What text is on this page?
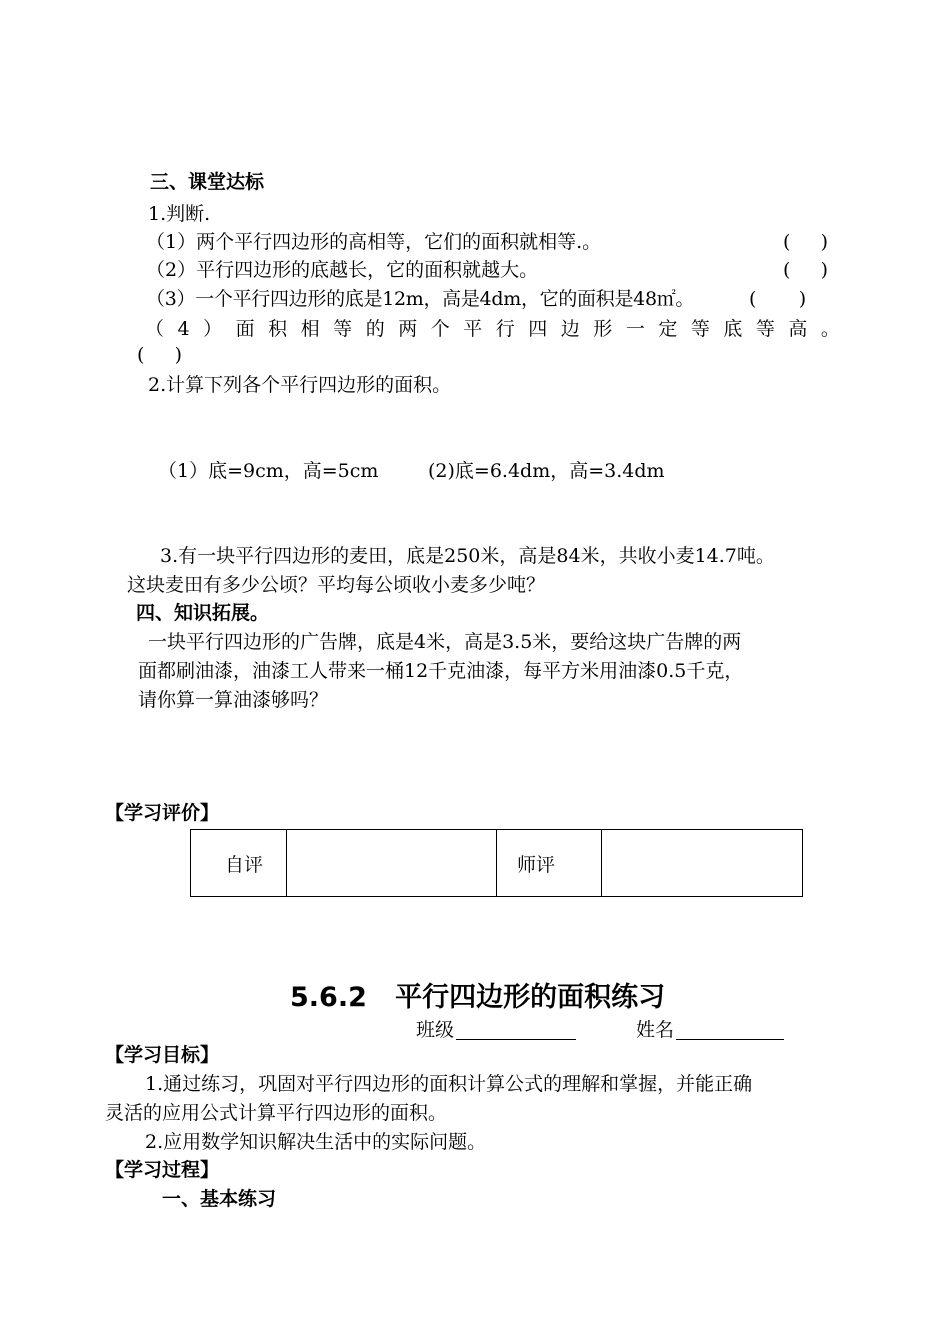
三、课堂达标
1.判断.
（1）两个平行四边形的高相等，它们的面积就相等.。	(     )
（2）平行四边形的底越长，它的面积就越大。	(     )
（3）一个平行四边形的底是12m，高是4dm，它的面积是48㎡。	(       )
（ 4 ） 面 积 相 等 的 两 个 平 行 四 边 形 一 定 等 底 等 高 。
(     )
2.计算下列各个平行四边形的面积。
（1）底=9cm，高=5cm	(2)底=6.4dm，高=3.4dm
3.有一块平行四边形的麦田，底是250米，高是84米，共收小麦14.7吨。
这块麦田有多少公顷？平均每公顷收小麦多少吨？
四、知识拓展。
一块平行四边形的广告牌，底是4米，高是3.5米，要给这块广告牌的两
面都刷油漆，油漆工人带来一桶12千克油漆，每平方米用油漆0.5千克，
请你算一算油漆够吗？
【学习评价】
自评		师评

5.6.2   平行四边形的面积练习
班级	姓名
【学习目标】
1.通过练习，巩固对平行四边形的面积计算公式的理解和掌握，并能正确
灵活的应用公式计算平行四边形的面积。
2.应用数学知识解决生活中的实际问题。
【学习过程】
一、基本练习
